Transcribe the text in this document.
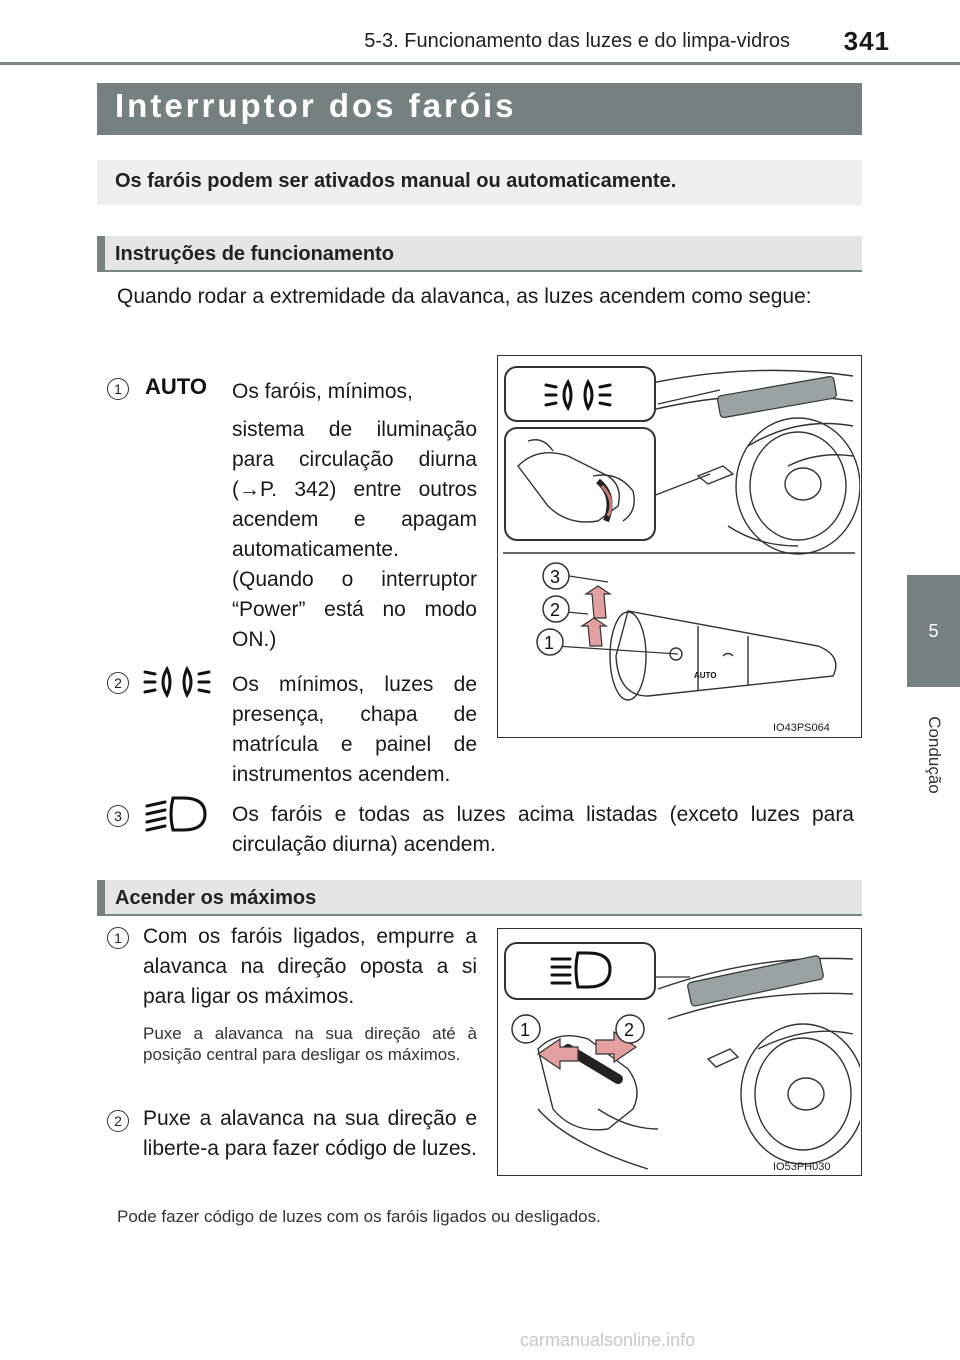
5-3. Funcionamento das luzes e do limpa-vidros	341
5
Condução
Interruptor dos faróis
Os faróis podem ser ativados manual ou automaticamente.
Instruções de funcionamento
Quando rodar a extremidade da alavanca, as luzes acendem como segue:
1	AUTO Os faróis, mínimos,
sistema de iluminação para circulação diurna (→P. 342) entre outros acendem e apagam automaticamente.
(Quando o interruptor “Power” está no modo ON.)
2	Os mínimos, luzes de presença, chapa de matrícula e painel de instrumentos acendem.
3	Os faróis e todas as luzes acima listadas (exceto luzes para circulação diurna) acendem.
AUTO
3
2
1
IO43PS064
Acender os máximos
1	Com os faróis ligados, empurre a alavanca na direção oposta a si para ligar os máximos.
Puxe a alavanca na sua direção até à posição central para desligar os máximos.
2	Puxe a alavanca na sua direção e liberte-a para fazer código de luzes.
Pode fazer código de luzes com os faróis ligados ou desligados.
1	2
IO53PH030
carmanualsonline.info
